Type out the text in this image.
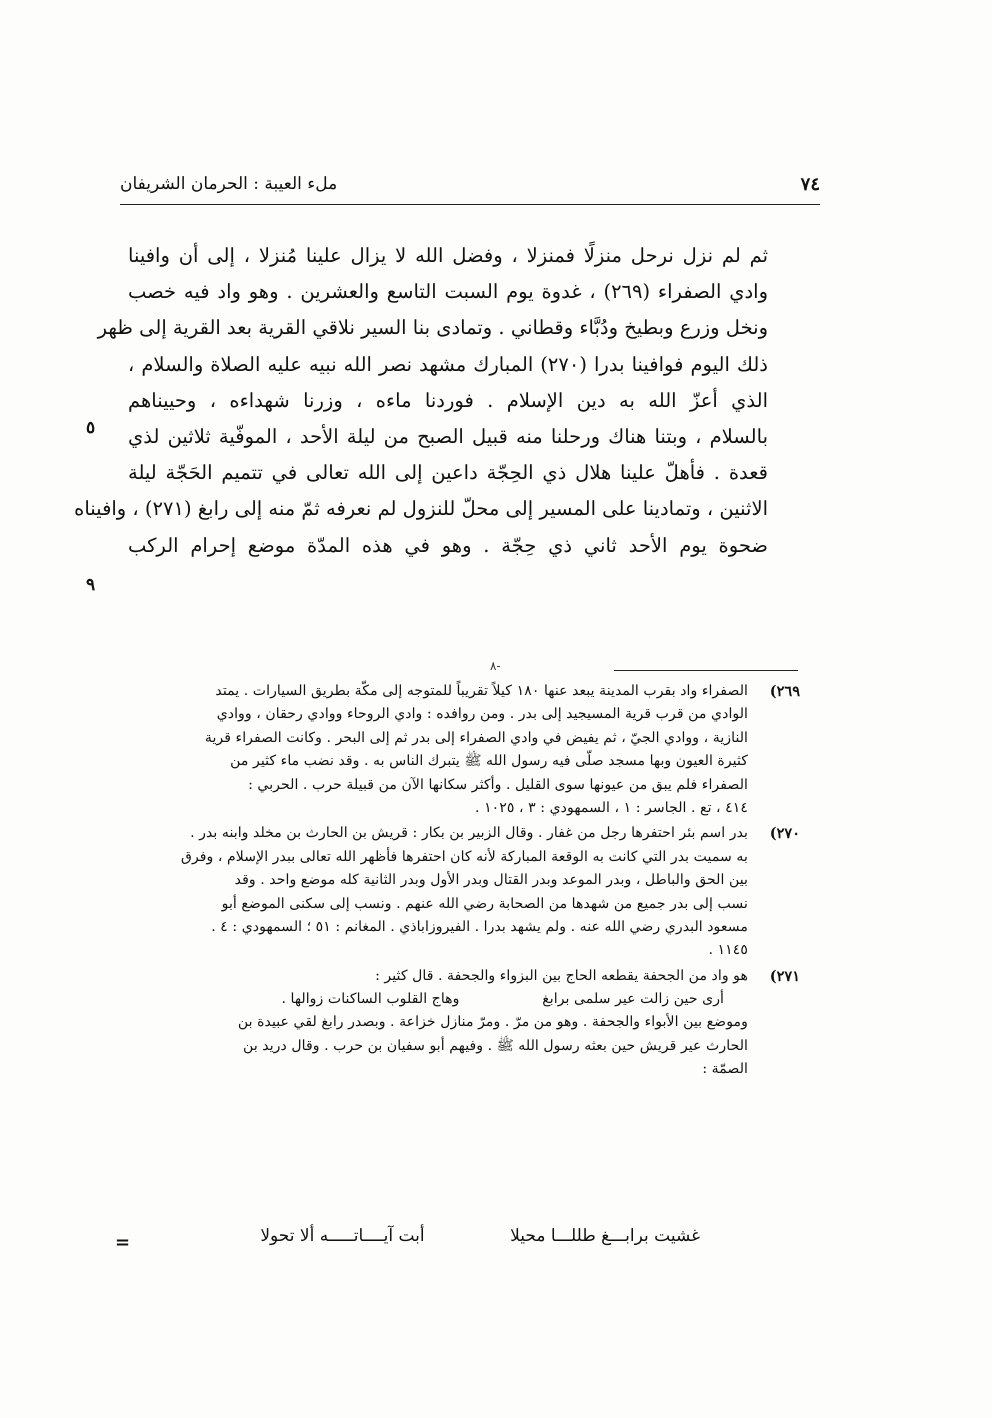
٧٤
ملء العيبة : الحرمان الشريفان
ثم لم نزل نرحل منزلًا فمنزلا ، وفضل الله لا يزال علينا مُنزلا ، إلى أن وافينا
وادي الصفراء (٢٦٩) ، غدوة يوم السبت التاسع والعشرين . وهو واد فيه خصب
ونخل وزرع وبطيخ ودُبَّاء وقطاني . وتمادى بنا السير نلاقي القرية بعد القرية إلى ظهر
ذلك اليوم فوافينا بدرا (٢٧٠) المبارك مشهد نصر الله نبيه عليه الصلاة والسلام ،
الذي أعزّ الله به دين الإسلام . فوردنا ماءه ، وزرنا شهداءه ، وحييناهم
بالسلام ، وبتنا هناك ورحلنا منه قبيل الصبح من ليلة الأحد ، الموفّية ثلاثين لذي
قعدة . فأهلّ علينا هلال ذي الحِجّة داعين إلى الله تعالى في تتميم الحَجّة ليلة
الاثنين ، وتمادينا على المسير إلى محلّ للنزول لم نعرفه ثمّ منه إلى رابغ (٢٧١) ، وافيناه
ضحوة يوم الأحد ثاني ذي حِجّة . وهو في هذه المدّة موضع إحرام الركب
٥
٩
٨-
٢٦٩)
الصفراء واد بقرب المدينة يبعد عنها ١٨٠ كيلاً تقريباً للمتوجه إلى مكّة بطريق السيارات . يمتد
الوادي من قرب قرية المسيجيد إلى بدر . ومن روافده : وادي الروحاء ووادي رحقان ، ووادي
النازية ، ووادي الجيّ ، ثم يفيض في وادي الصفراء إلى بدر ثم إلى البحر . وكانت الصفراء قرية
كثيرة العيون وبها مسجد صلّى فيه رسول الله ﷺ يتبرك الناس به . وقد نضب ماء كثير من
الصفراء فلم يبق من عيونها سوى القليل . وأكثر سكانها الآن من قبيلة حرب . الحربي :
٤١٤ ، تع . الجاسر : ١ ، السمهودي : ٣ ، ١٠٢٥ .
٢٧٠)
بدر اسم بئر احتفرها رجل من غفار . وقال الزبير بن بكار : قريش بن الحارث بن مخلد وابنه بدر .
به سميت بدر التي كانت به الوقعة المباركة لأنه كان احتفرها فأظهر الله تعالى ببدر الإسلام ، وفرق
بين الحق والباطل ، وبدر الموعد وبدر القتال وبدر الأول وبدر الثانية كله موضع واحد . وقد
نسب إلى بدر جميع من شهدها من الصحابة رضي الله عنهم . ونسب إلى سكنى الموضع أبو
مسعود البدري رضي الله عنه . ولم يشهد بدرا . الفيروزاباذي . المغانم : ٥١ ؛ السمهودي : ٤ .
١١٤٥ .
٢٧١)
هو واد من الجحفة يقطعه الحاج بين البزواء والجحفة . قال كثير :
أرى حين زالت عير سلمى برابغ وهاج القلوب الساكنات زوالها .
وموضع بين الأبواء والجحفة . وهو من مرّ . ومرّ منازل خزاعة . وبصدر رابغ لقي عبيدة بن
الحارث عير قريش حين بعثه رسول الله ﷺ . وفيهم أبو سفيان بن حرب . وقال دريد بن
الصمّة :
غشيت برابـــغ طللـــا محيلا أبت آيــــاتـــــه ألا تحولا
=
